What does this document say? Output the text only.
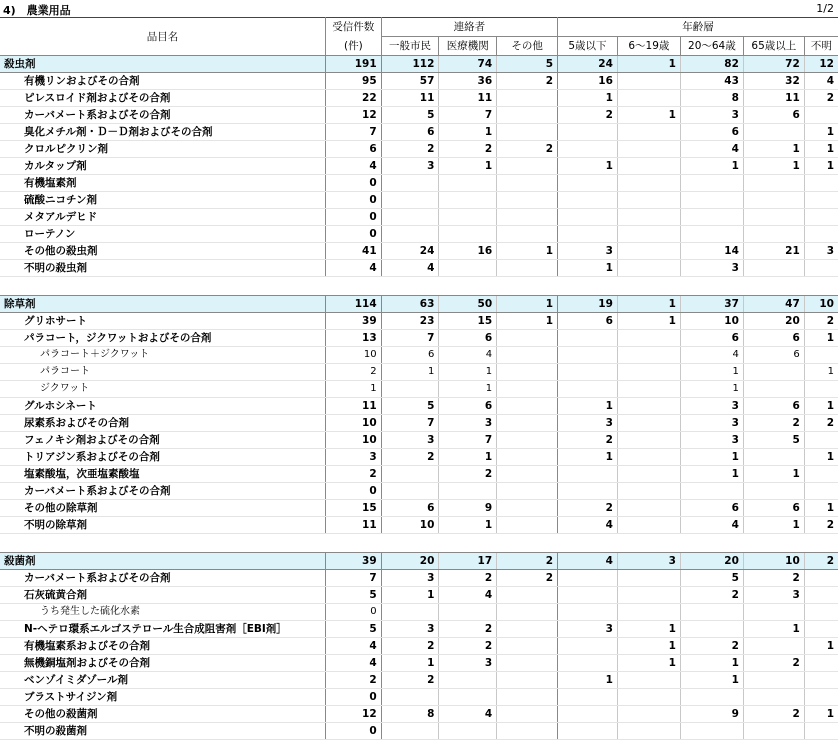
4)　農業用品	1/2
品目名	受信件数	連絡者			年齢層				
	(件)	一般市民	医療機関	その他	5歳以下	6～19歳	20～64歳	65歳以上	不明
殺虫剤	191	112	74	5	24	1	82	72	12
有機リンおよびその合剤	95	57	36	2	16		43	32	4
ピレスロイド剤およびその合剤	22	11	11		1		8	11	2
カーバメート系およびその合剤	12	5	7		2	1	3	6	
臭化メチル剤・Ｄ－Ｄ剤およびその合剤	7	6	1				6		1
クロルピクリン剤	6	2	2	2			4	1	1
カルタップ剤	4	3	1		1		1	1	1
有機塩素剤	0								
硫酸ニコチン剤	0								
メタアルデヒド	0								
ローテノン	0								
その他の殺虫剤	41	24	16	1	3		14	21	3
不明の殺虫剤	4	4			1		3		

除草剤	114	63	50	1	19	1	37	47	10
グリホサート	39	23	15	1	6	1	10	20	2
パラコート，ジクワットおよびその合剤	13	7	6				6	6	1
パラコート＋ジクワット	10	6	4				4	6	
パラコート	2	1	1				1		1
ジクワット	1		1				1		
グルホシネート	11	5	6		1		3	6	1
尿素系およびその合剤	10	7	3		3		3	2	2
フェノキシ剤およびその合剤	10	3	7		2		3	5	
トリアジン系およびその合剤	3	2	1		1		1		1
塩素酸塩，次亜塩素酸塩	2		2				1	1	
カーバメート系およびその合剤	0								
その他の除草剤	15	6	9		2		6	6	1
不明の除草剤	11	10	1		4		4	1	2

殺菌剤	39	20	17	2	4	3	20	10	2
カーバメート系およびその合剤	7	3	2	2			5	2	
石灰硫黄合剤	5	1	4				2	3	
うち発生した硫化水素	0								
N-ヘテロ環系エルゴステロール生合成阻害剤［EBI剤］	5	3	2		3	1		1	
有機塩素系およびその合剤	4	2	2			1	2		1
無機銅塩剤およびその合剤	4	1	3			1	1	2	
ベンゾイミダゾール剤	2	2			1		1		
ブラストサイジン剤	0								
その他の殺菌剤	12	8	4				9	2	1
不明の殺菌剤	0								
